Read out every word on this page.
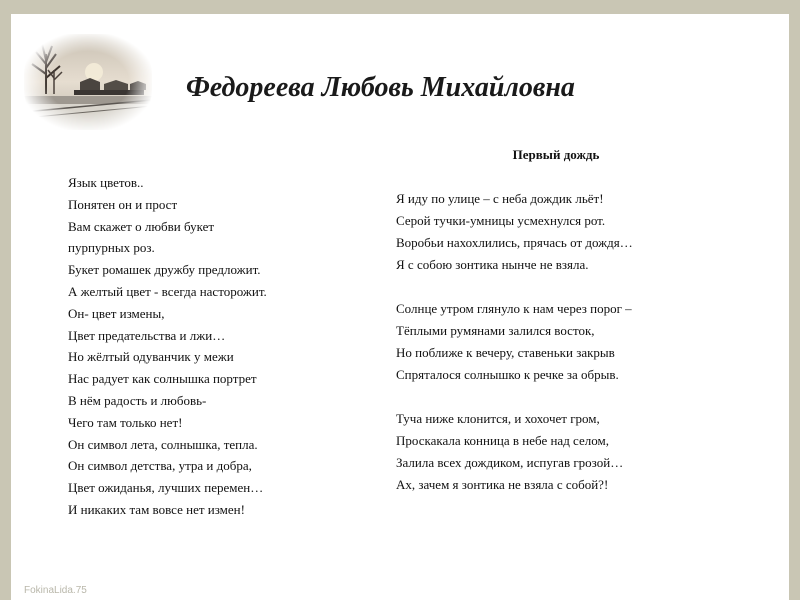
Федореева Любовь Михайловна
Язык цветов..
Понятен он и прост
Вам скажет о любви букет
пурпурных роз.
Букет ромашек дружбу предложит.
А желтый цвет - всегда насторожит.
Он- цвет измены,
Цвет предательства и лжи…
Но жёлтый одуванчик у межи
Нас радует как солнышка портрет
В нём радость и любовь-
Чего там только нет!
Он символ лета, солнышка, тепла.
Он символ детства, утра и добра,
Цвет ожиданья, лучших перемен…
И никаких там вовсе нет измен!
Первый дождь
Я иду по улице – с неба дождик льёт!
Серой тучки-умницы усмехнулся рот.
Воробьи нахохлились, прячась от дождя…
Я с собою зонтика нынче не взяла.
Солнце утром глянуло к нам через порог –
Тёплыми румянами залился восток,
Но поближе к вечеру, ставеньки закрыв
Спряталося солнышко к речке за обрыв.
Туча ниже клонится, и хохочет гром,
Проскакала конница в небе над селом,
Залила всех дождиком, испугав грозой…
Ах, зачем я зонтика не взяла с собой?!
FokinaLida.75
